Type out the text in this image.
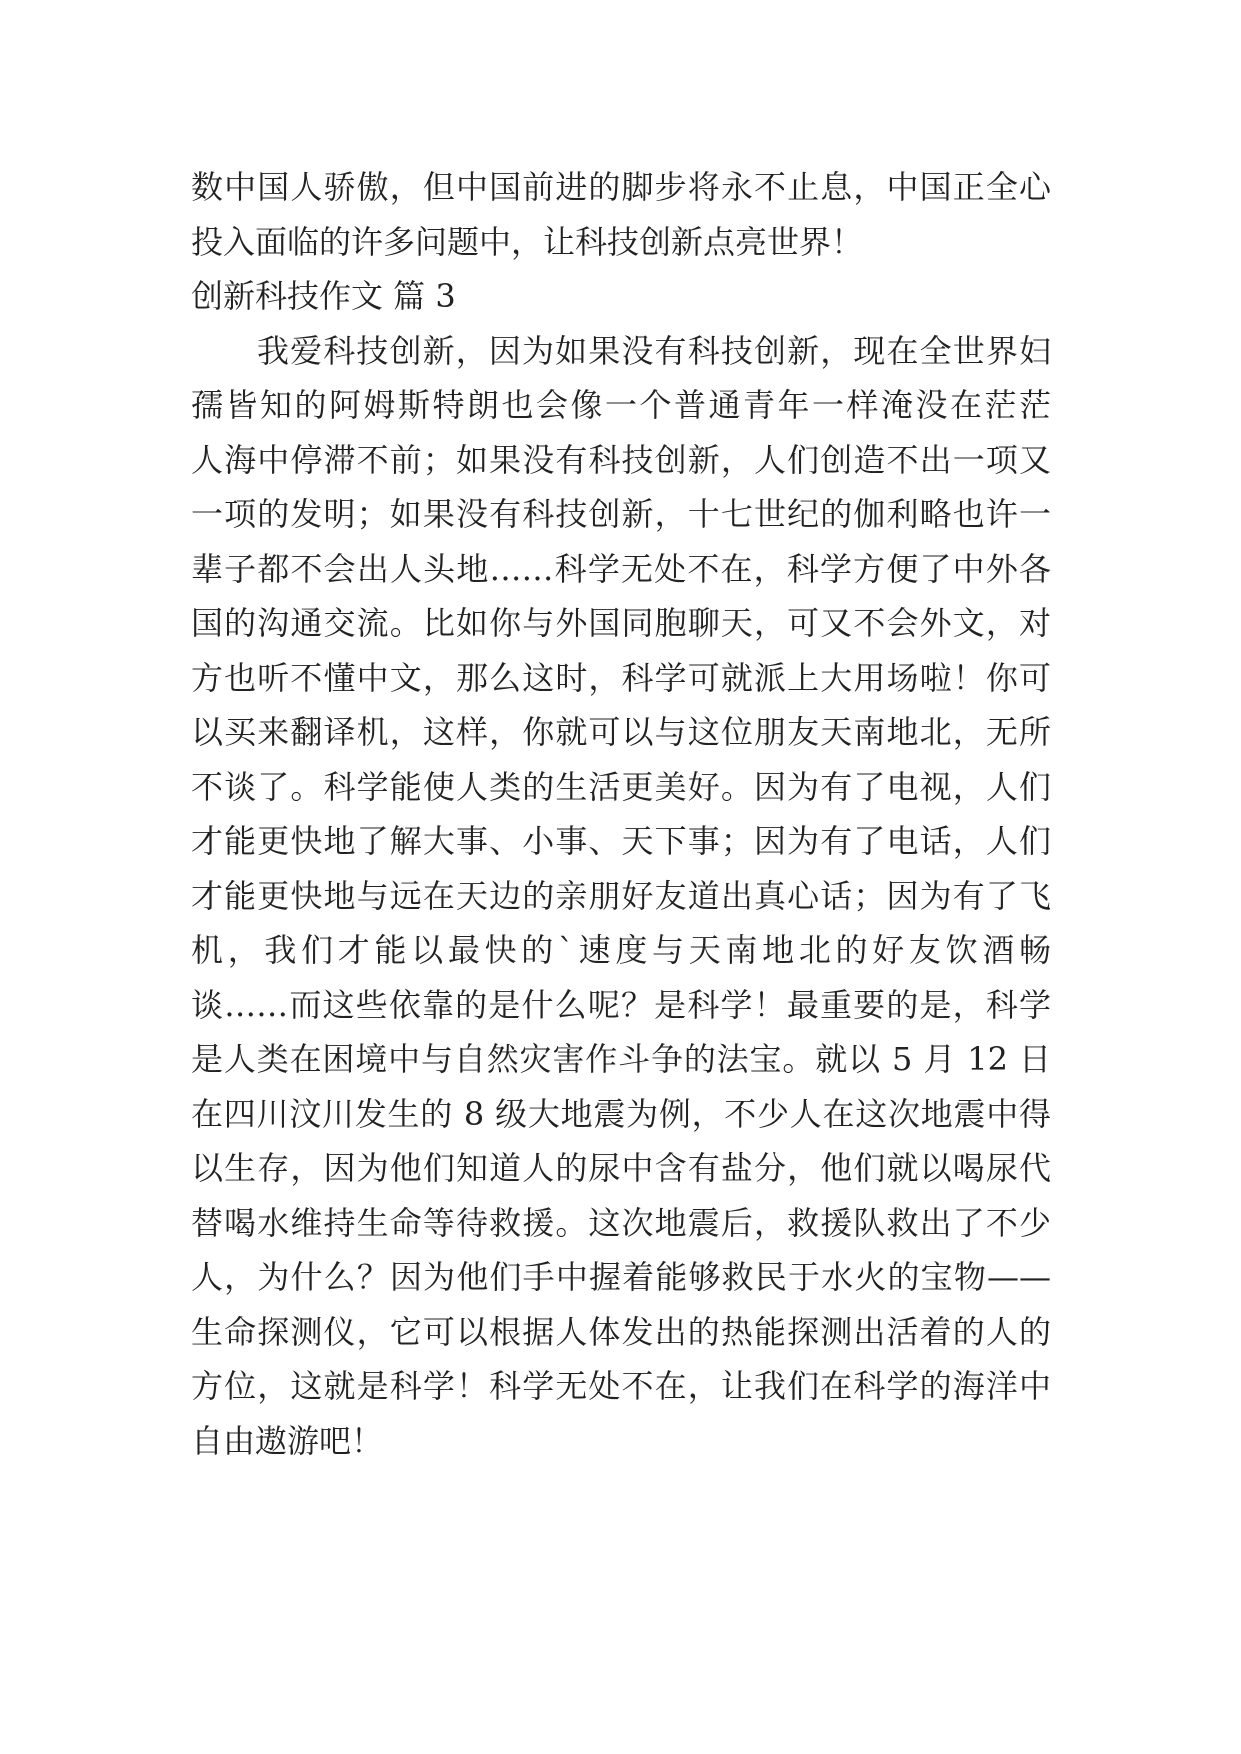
数中国人骄傲，但中国前进的脚步将永不止息，中国正全心
投入面临的许多问题中，让科技创新点亮世界！
创新科技作文 篇 3
我爱科技创新，因为如果没有科技创新，现在全世界妇
孺皆知的阿姆斯特朗也会像一个普通青年一样淹没在茫茫
人海中停滞不前；如果没有科技创新，人们创造不出一项又
一项的发明；如果没有科技创新，十七世纪的伽利略也许一
辈子都不会出人头地……科学无处不在，科学方便了中外各
国的沟通交流。比如你与外国同胞聊天，可又不会外文，对
方也听不懂中文，那么这时，科学可就派上大用场啦！你可
以买来翻译机，这样，你就可以与这位朋友天南地北，无所
不谈了。科学能使人类的生活更美好。因为有了电视，人们
才能更快地了解大事、小事、天下事；因为有了电话，人们
才能更快地与远在天边的亲朋好友道出真心话；因为有了飞
机，我们才能以最快的`速度与天南地北的好友饮酒畅
谈……而这些依靠的是什么呢？是科学！最重要的是，科学
是人类在困境中与自然灾害作斗争的法宝。就以 5 月 12 日
在四川汶川发生的 8 级大地震为例，不少人在这次地震中得
以生存，因为他们知道人的尿中含有盐分，他们就以喝尿代
替喝水维持生命等待救援。这次地震后，救援队救出了不少
人，为什么？因为他们手中握着能够救民于水火的宝物——
生命探测仪，它可以根据人体发出的热能探测出活着的人的
方位，这就是科学！科学无处不在，让我们在科学的海洋中
自由遨游吧！
